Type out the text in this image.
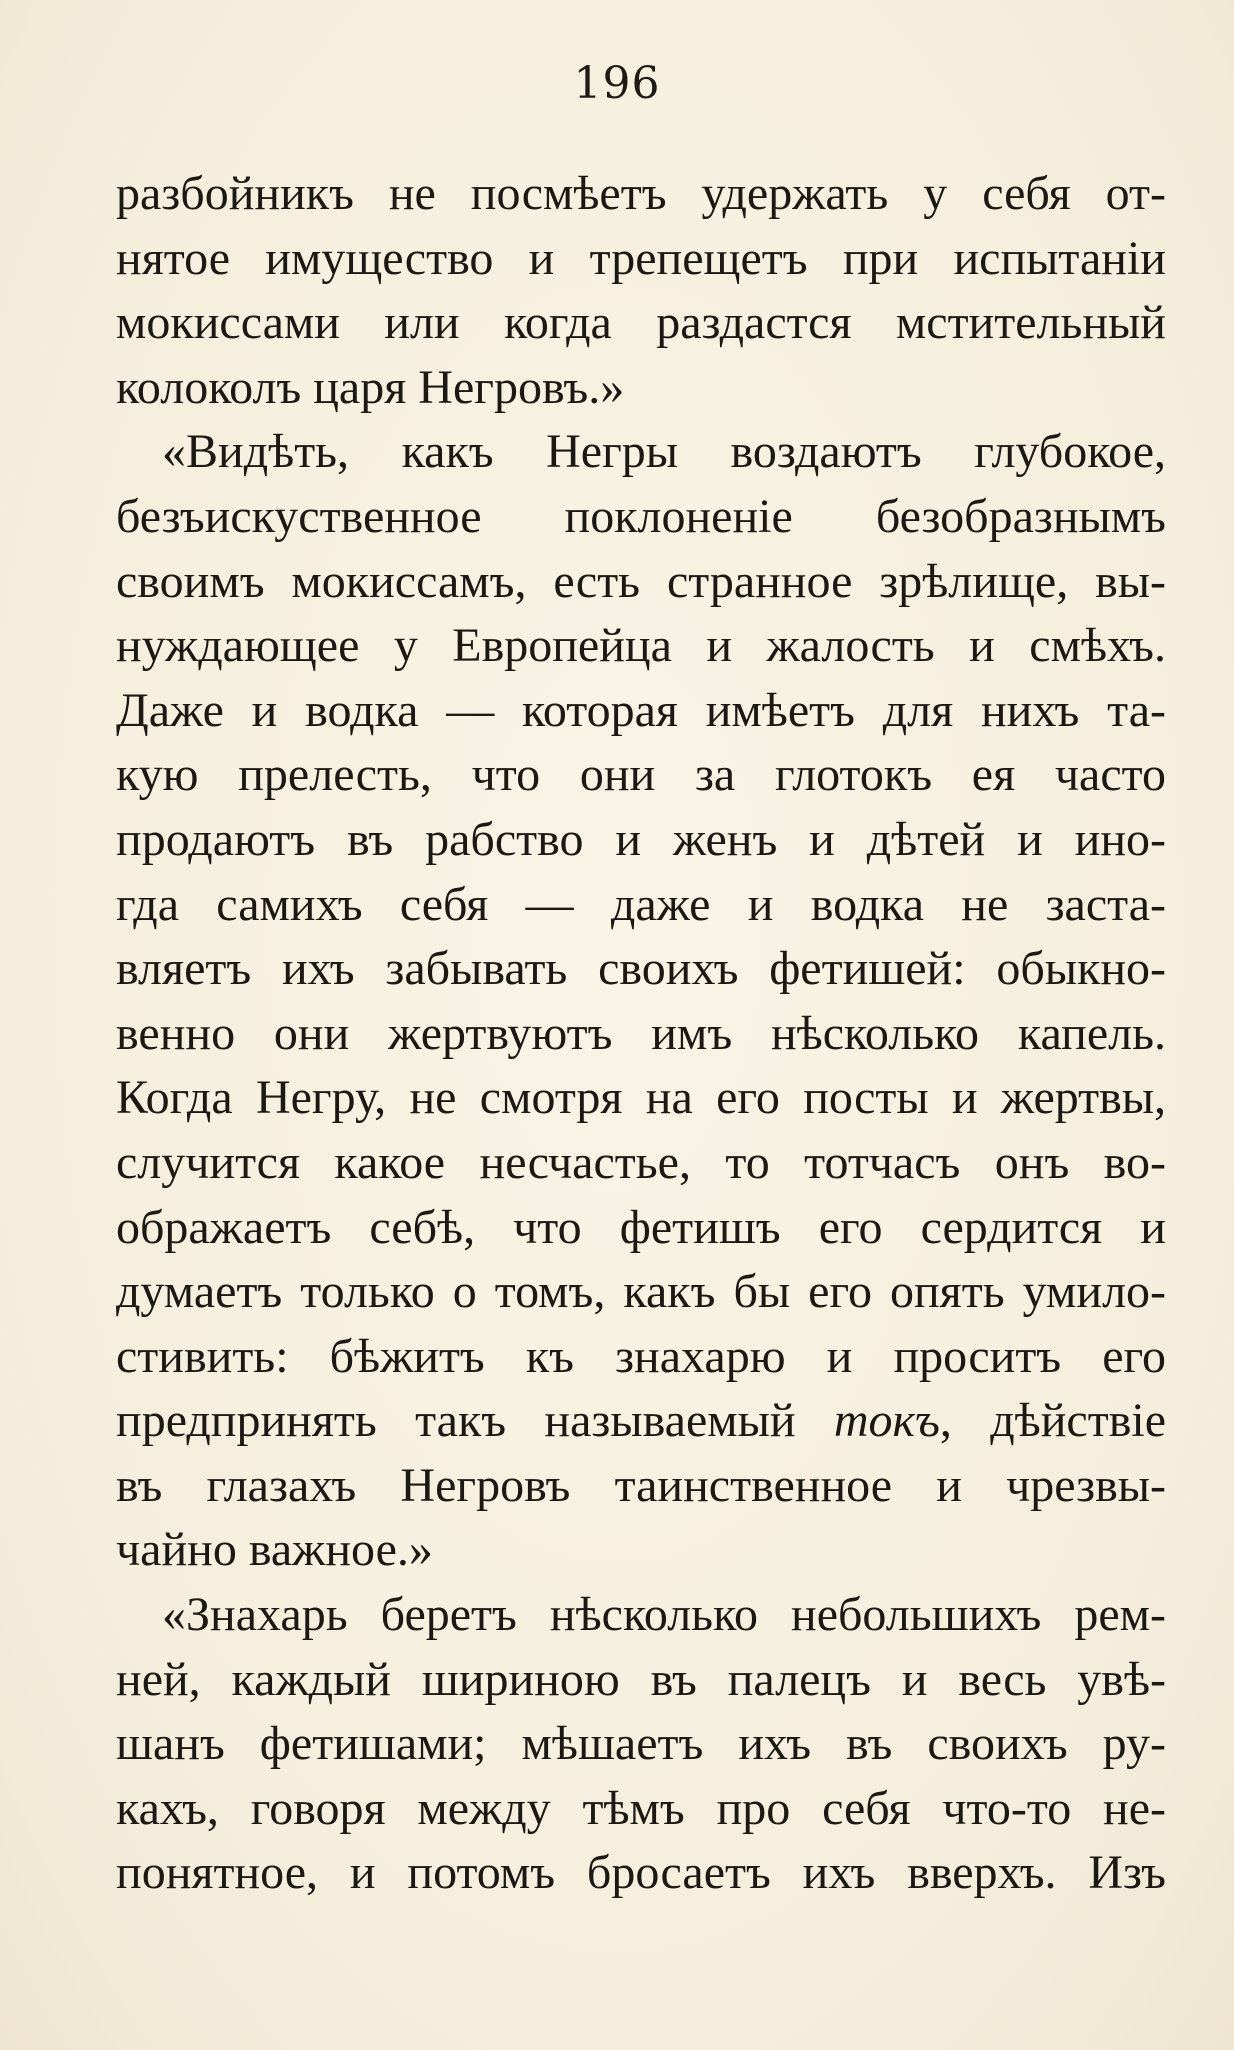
196
разбойникъ не посмѣетъ удержать у себя от-
нятое имущество и трепещетъ при испытаніи
мокиссами или когда раздастся мстительный
колоколъ царя Негровъ.»
«Видѣть, какъ Негры воздаютъ глубокое,
безъискуственное поклоненіе безобразнымъ
своимъ мокиссамъ, есть странное зрѣлище, вы-
нуждающее у Европейца и жалость и смѣхъ.
Даже и водка — которая имѣетъ для нихъ та-
кую прелесть, что они за глотокъ ея часто
продаютъ въ рабство и женъ и дѣтей и ино-
гда самихъ себя — даже и водка не заста-
вляетъ ихъ забывать своихъ фетишей: обыкно-
венно они жертвуютъ имъ нѣсколько капель.
Когда Негру, не смотря на его посты и жертвы,
случится какое несчастье, то тотчасъ онъ во-
ображаетъ себѣ, что фетишъ его сердится и
думаетъ только о томъ, какъ бы его опять умило-
стивить: бѣжитъ къ знахарю и проситъ его
предпринять такъ называемый токъ, дѣйствіе
въ глазахъ Негровъ таинственное и чрезвы-
чайно важное.»
«Знахарь беретъ нѣсколько небольшихъ рем-
ней, каждый шириною въ палецъ и весь увѣ-
шанъ фетишами; мѣшаетъ ихъ въ своихъ ру-
кахъ, говоря между тѣмъ про себя что-то не-
понятное, и потомъ бросаетъ ихъ вверхъ. Изъ
